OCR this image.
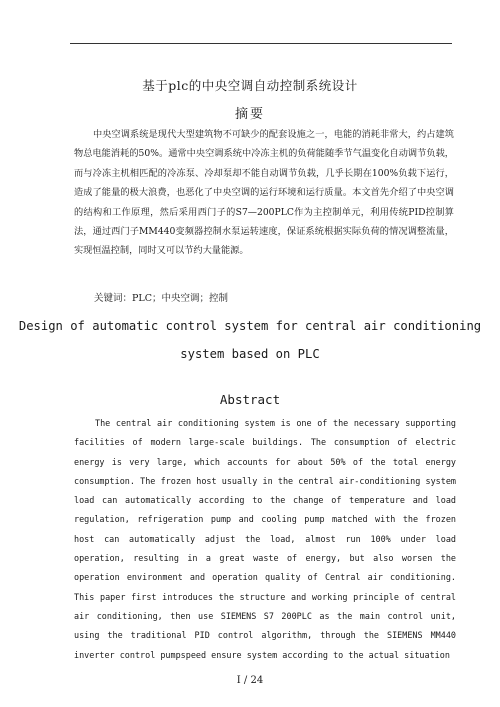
基于plc的中央空调自动控制系统设计
摘要
中央空调系统是现代大型建筑物不可缺少的配套设施之一，电能的消耗非常大，约占建筑物总电能消耗的50%。通常中央空调系统中冷冻主机的负荷能随季节气温变化自动调节负载，而与冷冻主机相匹配的冷冻泵、冷却泵却不能自动调节负载，几乎长期在100%负载下运行，造成了能量的极大浪费，也恶化了中央空调的运行环境和运行质量。本文首先介绍了中央空调的结构和工作原理，然后采用西门子的S7—200PLC作为主控制单元，利用传统PID控制算法，通过西门子MM440变频器控制水泵运转速度，保证系统根据实际负荷的情况调整流量，实现恒温控制，同时又可以节约大量能源。
关键词：PLC；中央空调；控制
Design of automatic control system for central air conditioning system based on PLC
Abstract
The central air conditioning system is one of the necessary supporting facilities of modern large-scale buildings. The consumption of electric energy is very large, which accounts for about 50% of the total energy consumption. The frozen host usually in the central air-conditioning system load can automatically according to the change of temperature and load regulation, refrigeration pump and cooling pump matched with the frozen host can automatically adjust the load, almost run 100% under load operation, resulting in a great waste of energy, but also worsen the operation environment and operation quality of Central air conditioning. This paper first introduces the structure and working principle of central air conditioning, then use SIEMENS S7 200PLC as the main control unit, using the traditional PID control algorithm, through the SIEMENS MM440 inverter control pumpspeed ensure system according to the actual situation
I / 24
